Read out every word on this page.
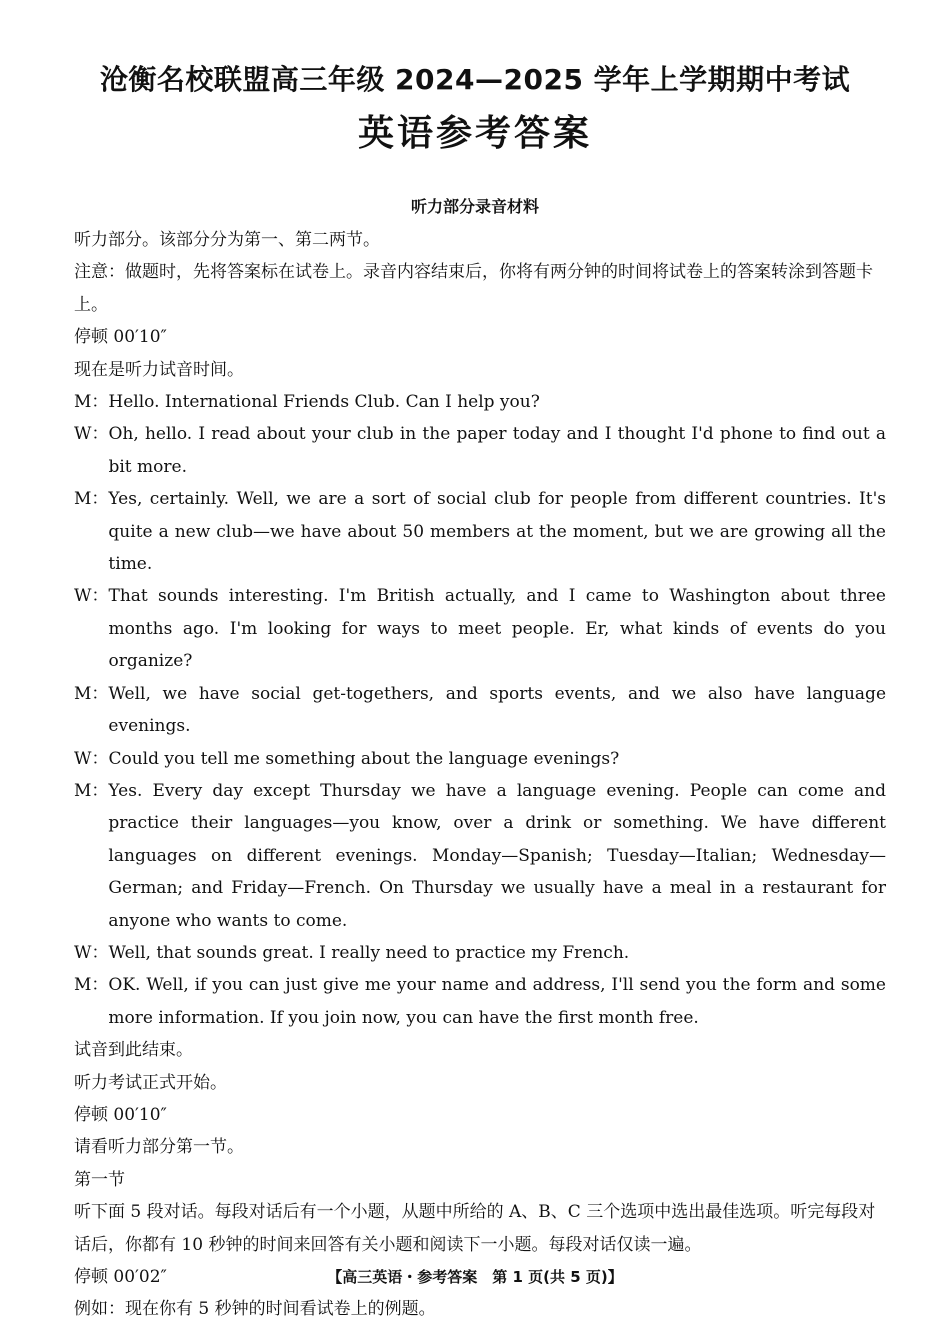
沧衡名校联盟高三年级 2024—2025 学年上学期期中考试
英语参考答案
听力部分录音材料

听力部分。该部分分为第一、第二两节。

注意：做题时，先将答案标在试卷上。录音内容结束后，你将有两分钟的时间将试卷上的答案转涂到答题卡上。

停顿 00′10″

现在是听力试音时间。

M： Hello. International Friends Club. Can I help you?
W： Oh, hello. I read about your club in the paper today and I thought I'd phone to find out a bit more.
M： Yes, certainly. Well, we are a sort of social club for people from different countries. It's quite a new club—we have about 50 members at the moment, but we are growing all the time.
W： That sounds interesting. I'm British actually, and I came to Washington about three months ago. I'm looking for ways to meet people. Er, what kinds of events do you organize?
M： Well, we have social get-togethers, and sports events, and we also have language evenings.
W： Could you tell me something about the language evenings?
M： Yes. Every day except Thursday we have a language evening. People can come and practice their languages—you know, over a drink or something. We have different languages on different evenings. Monday—Spanish; Tuesday—Italian; Wednesday—German; and Friday—French. On Thursday we usually have a meal in a restaurant for anyone who wants to come.
W： Well, that sounds great. I really need to practice my French.
M： OK. Well, if you can just give me your name and address, I'll send you the form and some more information. If you join now, you can have the first month free.

试音到此结束。

听力考试正式开始。

停顿 00′10″

请看听力部分第一节。

第一节

听下面 5 段对话。每段对话后有一个小题，从题中所给的 A、B、C 三个选项中选出最佳选项。听完每段对话后，你都有 10 秒钟的时间来回答有关小题和阅读下一小题。每段对话仅读一遍。

停顿 00′02″

例如：现在你有 5 秒钟的时间看试卷上的例题。

【高三英语・参考答案　第 1 页(共 5 页)】
